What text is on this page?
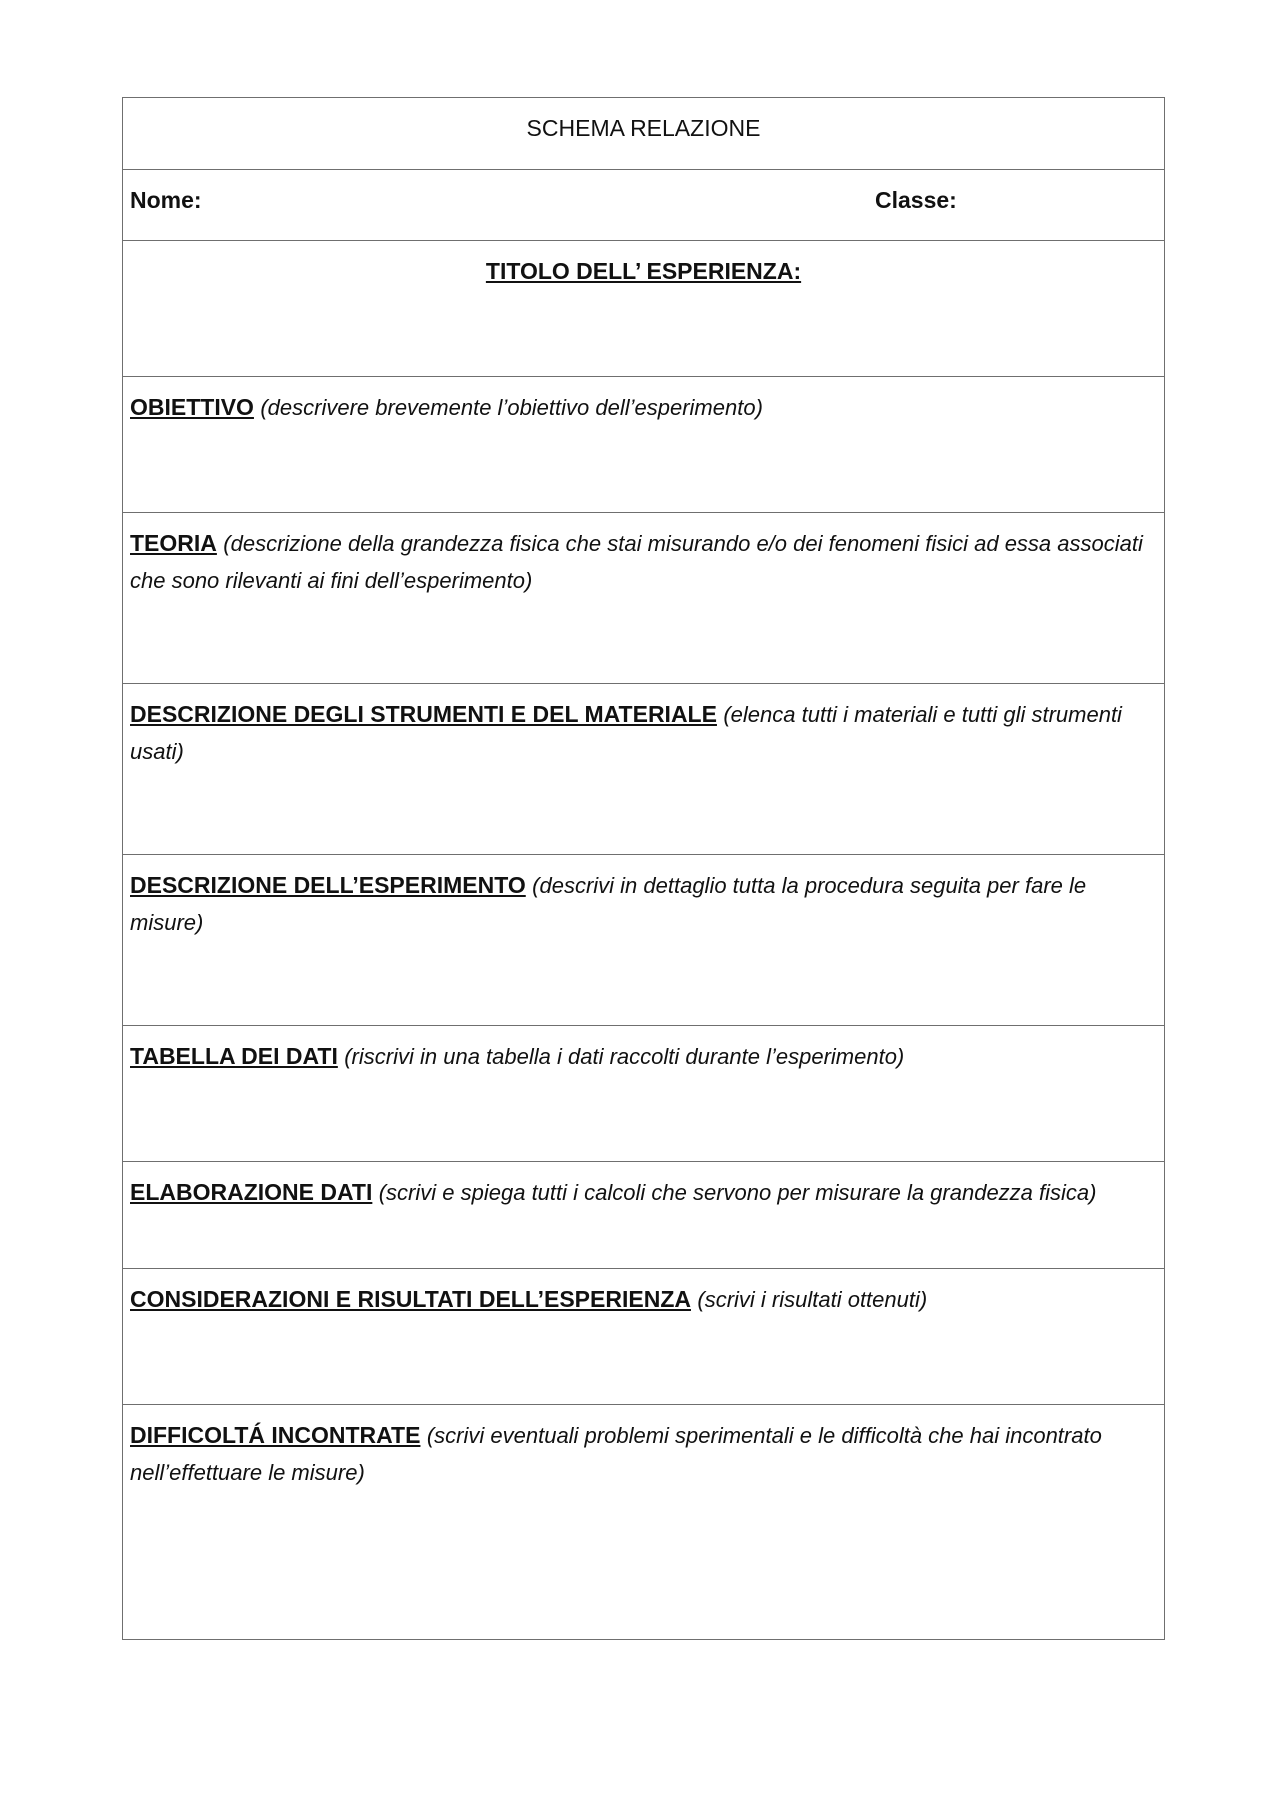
SCHEMA RELAZIONE
Nome:	Classe:
TITOLO DELL’ ESPERIENZA:
OBIETTIVO (descrivere brevemente l’obiettivo dell’esperimento)
TEORIA (descrizione della grandezza fisica che stai misurando e/o dei fenomeni fisici ad essa associati che sono rilevanti ai fini dell’esperimento)
DESCRIZIONE DEGLI STRUMENTI E DEL MATERIALE (elenca tutti i materiali e tutti gli strumenti usati)
DESCRIZIONE DELL’ESPERIMENTO (descrivi in dettaglio tutta la procedura seguita per fare le misure)
TABELLA DEI DATI (riscrivi in una tabella i dati raccolti durante l’esperimento)
ELABORAZIONE DATI (scrivi e spiega tutti i calcoli che servono per misurare la grandezza fisica)
CONSIDERAZIONI E RISULTATI DELL’ESPERIENZA (scrivi i risultati ottenuti)
DIFFICOLTÁ INCONTRATE (scrivi eventuali problemi sperimentali e le difficoltà che hai incontrato nell’effettuare le misure)
